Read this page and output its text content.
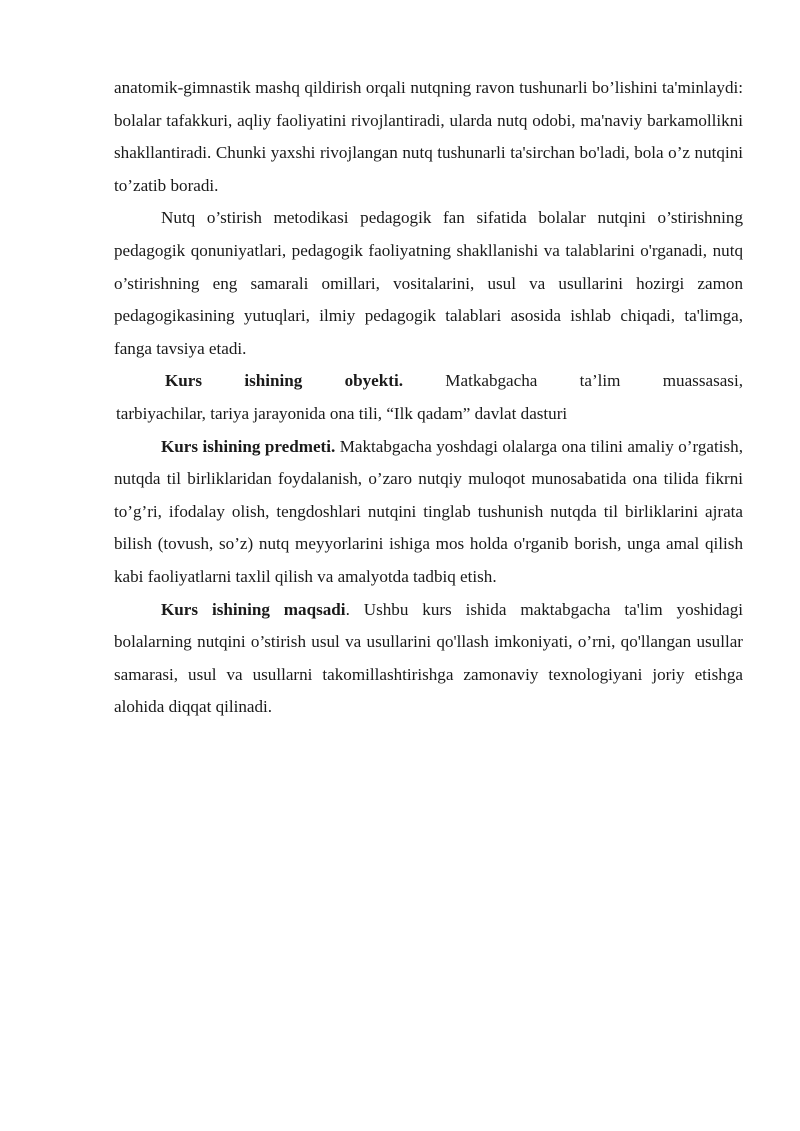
anatomik-gimnastik mashq qildirish orqali nutqning ravon tushunarli bo’lishini ta'minlaydi: bolalar tafakkuri, aqliy faoliyatini rivojlantiradi, ularda nutq odobi, ma'naviy barkamollikni shakllantiradi. Chunki yaxshi rivojlangan nutq tushunarli ta'sirchan bo'ladi, bola o’z nutqini to’zatib boradi.

Nutq o’stirish metodikasi pedagogik fan sifatida bolalar nutqini o’stirishning pedagogik qonuniyatlari, pedagogik faoliyatning shakllanishi va talablarini o'rganadi, nutq o’stirishning eng samarali omillari, vositalarini, usul va usullarini hozirgi zamon pedagogikasining yutuqlari, ilmiy pedagogik talablari asosida ishlab chiqadi, ta'limga, fanga tavsiya etadi.

Kurs ishining obyekti. Matkabgacha ta’lim muassasasi,

tarbiyachilar, tariya jarayonida ona tili, “Ilk qadam” davlat dasturi

Kurs ishining predmeti. Maktabgacha yoshdagi olalarga ona tilini amaliy o’rgatish, nutqda til birliklaridan foydalanish, o’zaro nutqiy muloqot munosabatida ona tilida fikrni to’g’ri, ifodalay olish, tengdoshlari nutqini tinglab tushunish nutqda til birliklarini ajrata bilish (tovush, so’z) nutq meyyorlarini ishiga mos holda o'rganib borish, unga amal qilish kabi faoliyatlarni taxlil qilish va amalyotda tadbiq etish.

Kurs ishining maqsadi. Ushbu kurs ishida maktabgacha ta'lim yoshidagi bolalarning nutqini o’stirish usul va usullarini qo'llash imkoniyati, o’rni, qo'llangan usullar samarasi, usul va usullarni takomillashtirishga zamonaviy texnologiyani joriy etishga alohida diqqat qilinadi.
